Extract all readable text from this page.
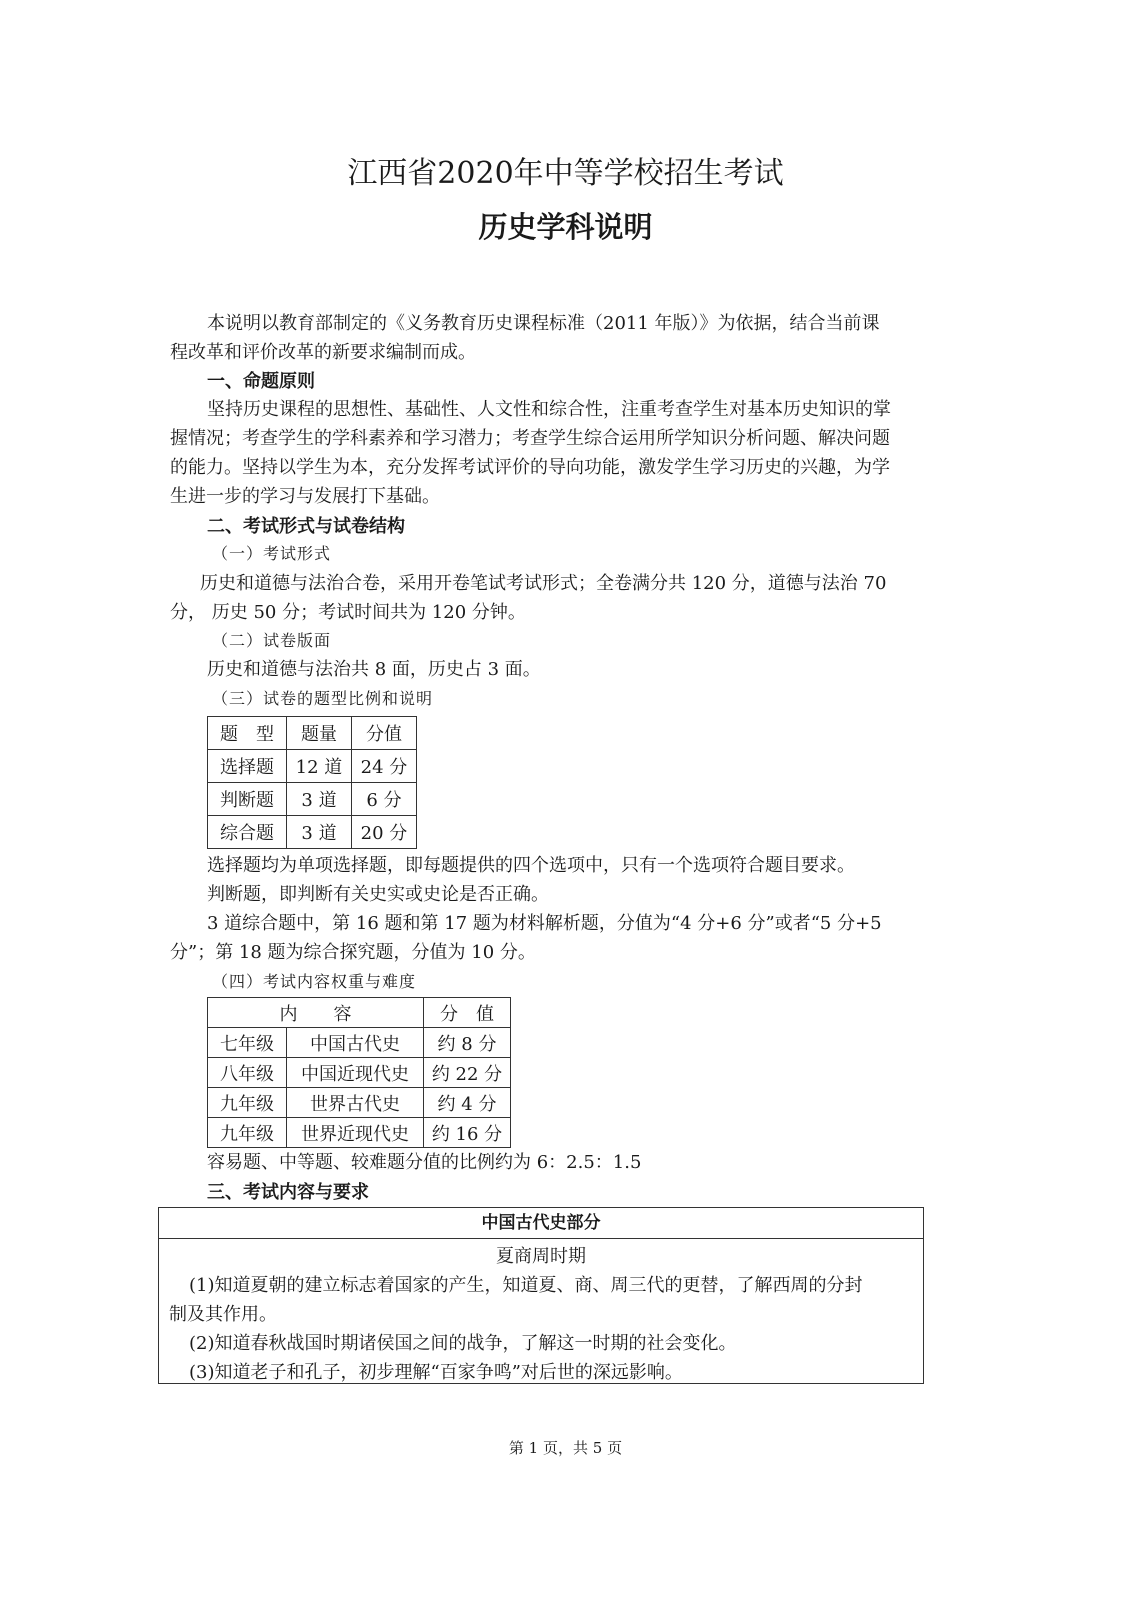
江西省2020年中等学校招生考试
历史学科说明
本说明以教育部制定的《义务教育历史课程标准（2011 年版）》为依据，结合当前课
程改革和评价改革的新要求编制而成。
一、命题原则
坚持历史课程的思想性、基础性、人文性和综合性，注重考查学生对基本历史知识的掌
握情况；考查学生的学科素养和学习潜力；考查学生综合运用所学知识分析问题、解决问题
的能力。坚持以学生为本，充分发挥考试评价的导向功能，激发学生学习历史的兴趣，为学
生进一步的学习与发展打下基础。
二、考试形式与试卷结构
（一）考试形式
历史和道德与法治合卷，采用开卷笔试考试形式；全卷满分共 120 分，道德与法治 70
分， 历史 50 分；考试时间共为 120 分钟。
（二）试卷版面
历史和道德与法治共 8 面，历史占 3 面。
（三）试卷的题型比例和说明
题　型	题量	分值
选择题	12 道	24 分
判断题	3 道	6 分
综合题	3 道	20 分
选择题均为单项选择题，即每题提供的四个选项中，只有一个选项符合题目要求。
判断题，即判断有关史实或史论是否正确。
3 道综合题中，第 16 题和第 17 题为材料解析题，分值为“4 分+6 分”或者“5 分+5
分”；第 18 题为综合探究题，分值为 10 分。
（四）考试内容权重与难度
内　　容		分　值
七年级	中国古代史	约 8 分
八年级	中国近现代史	约 22 分
九年级	世界古代史	约 4 分
九年级	世界近现代史	约 16 分
容易题、中等题、较难题分值的比例约为 6：2.5：1.5
三、考试内容与要求
中国古代史部分
夏商周时期
(1)知道夏朝的建立标志着国家的产生，知道夏、商、周三代的更替，了解西周的分封
制及其作用。
(2)知道春秋战国时期诸侯国之间的战争，了解这一时期的社会变化。
(3)知道老子和孔子，初步理解“百家争鸣”对后世的深远影响。
第 1 页，共 5 页
